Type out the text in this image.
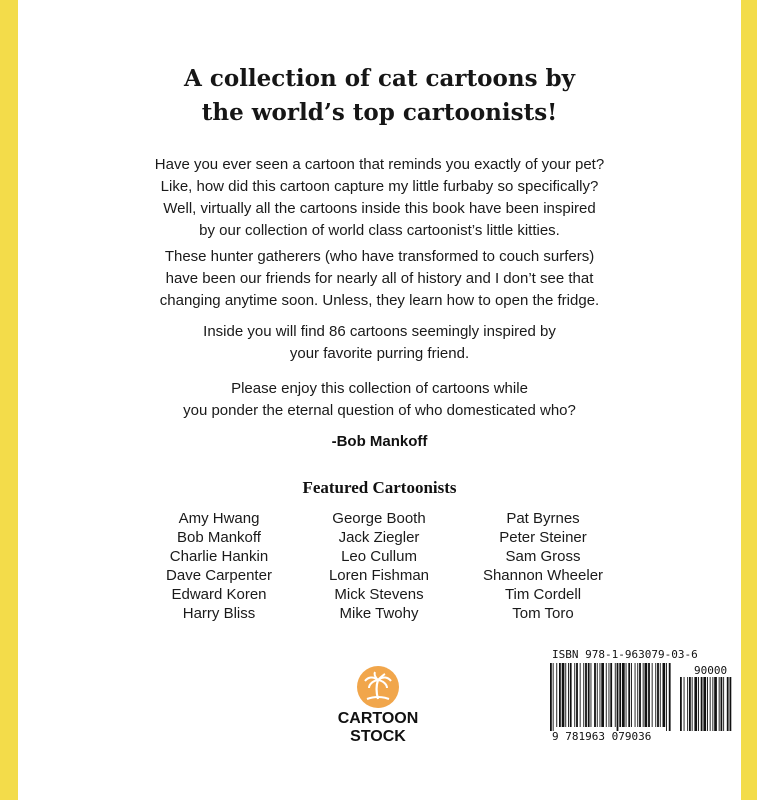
A collection of cat cartoons by
the world’s top cartoonists!
Have you ever seen a cartoon that reminds you exactly of your pet?
Like, how did this cartoon capture my little furbaby so specifically?
Well, virtually all the cartoons inside this book have been inspired
by our collection of world class cartoonist’s little kitties.
These hunter gatherers (who have transformed to couch surfers)
have been our friends for nearly all of history and I don’t see that
changing anytime soon. Unless, they learn how to open the fridge.
Inside you will find 86 cartoons seemingly inspired by
your favorite purring friend.
Please enjoy this collection of cartoons while
you ponder the eternal question of who domesticated who?
-Bob Mankoff
Featured Cartoonists
Amy Hwang
Bob Mankoff
Charlie Hankin
Dave Carpenter
Edward Koren
Harry Bliss
George Booth
Jack Ziegler
Leo Cullum
Loren Fishman
Mick Stevens
Mike Twohy
Pat Byrnes
Peter Steiner
Sam Gross
Shannon Wheeler
Tim Cordell
Tom Toro
CARTOON
STOCK
ISBN 978-1-963079-03-6
90000
9 781963 079036
